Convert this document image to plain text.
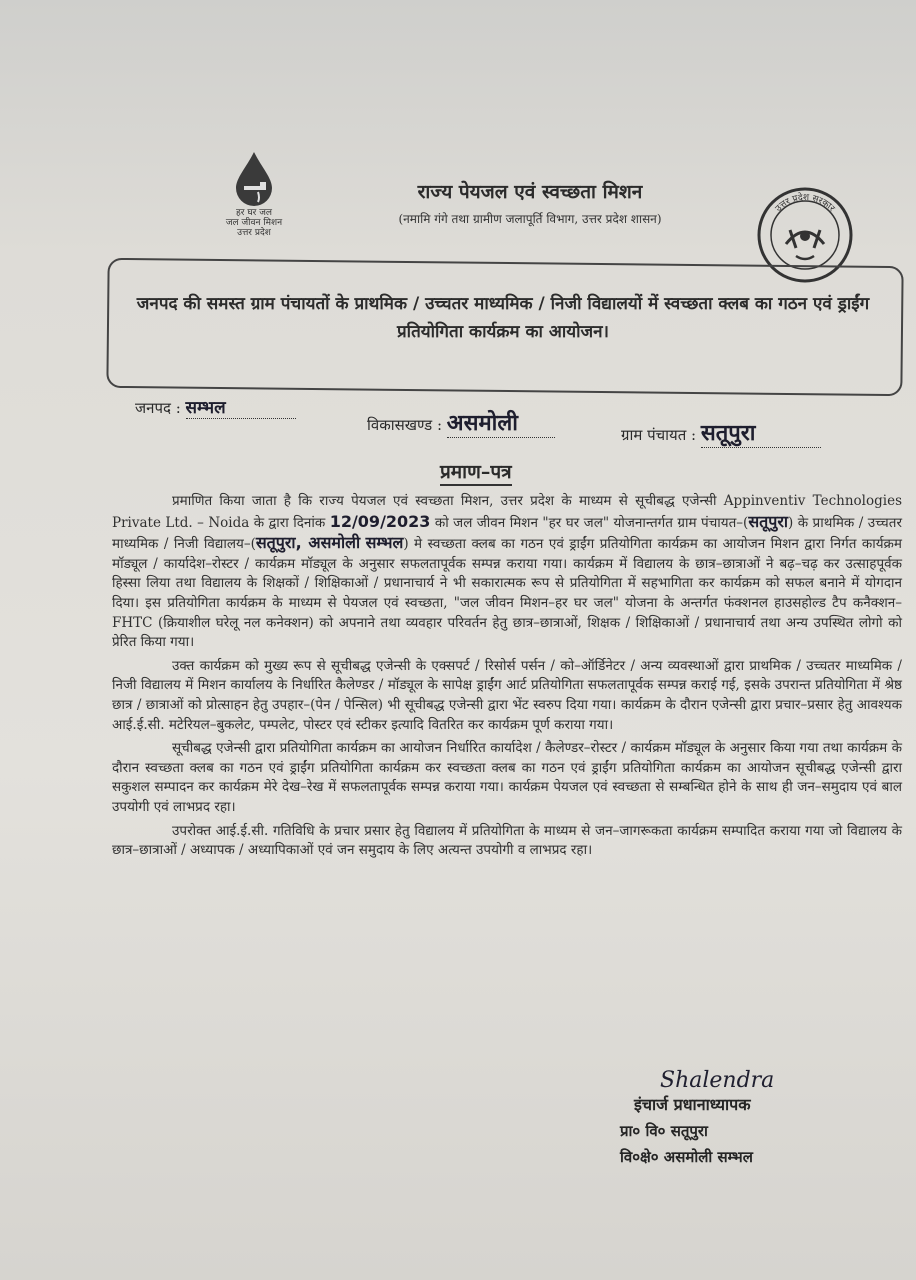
हर घर जल
जल जीवन मिशन
उत्तर प्रदेश
राज्य पेयजल एवं स्वच्छता मिशन
(नमामि गंगे तथा ग्रामीण जलापूर्ति विभाग, उत्तर प्रदेश शासन)
उत्तर प्रदेश सरकार
जनपद की समस्त ग्राम पंचायतों के प्राथमिक / उच्चतर माध्यमिक / निजी विद्यालयों में स्वच्छता क्लब का गठन एवं ड्राईंग प्रतियोगिता कार्यक्रम का आयोजन।
जनपद : सम्भल
विकासखण्ड : असमोली	ग्राम पंचायत : सतूपुरा
प्रमाण–पत्र

प्रमाणित किया जाता है कि राज्य पेयजल एवं स्वच्छता मिशन, उत्तर प्रदेश के माध्यम से सूचीबद्ध एजेन्सी Appinventiv Technologies Private Ltd. – Noida के द्वारा दिनांक 12/09/2023 को जल जीवन मिशन "हर घर जल" योजनान्तर्गत ग्राम पंचायत–(सतूपुरा) के प्राथमिक / उच्चतर माध्यमिक / निजी विद्यालय–(सतूपुरा, असमोली सम्भल) मे स्वच्छता क्लब का गठन एवं ड्राईंग प्रतियोगिता कार्यक्रम का आयोजन मिशन द्वारा निर्गत कार्यक्रम मॉड्यूल / कार्यादेश–रोस्टर / कार्यक्रम मॉड्यूल के अनुसार सफलतापूर्वक सम्पन्न कराया गया। कार्यक्रम में विद्यालय के छात्र–छात्राओं ने बढ़–चढ़ कर उत्साहपूर्वक हिस्सा लिया तथा विद्यालय के शिक्षकों / शिक्षिकाओं / प्रधानाचार्य ने भी सकारात्मक रूप से प्रतियोगिता में सहभागिता कर कार्यक्रम को सफल बनाने में योगदान दिया। इस प्रतियोगिता कार्यक्रम के माध्यम से पेयजल एवं स्वच्छता, "जल जीवन मिशन–हर घर जल" योजना के अन्तर्गत फंक्शनल हाउसहोल्ड टैप कनैक्शन–FHTC (क्रियाशील घरेलू नल कनेक्शन) को अपनाने तथा व्यवहार परिवर्तन हेतु छात्र–छात्राओं, शिक्षक / शिक्षिकाओं / प्रधानाचार्य तथा अन्य उपस्थित लोगो को प्रेरित किया गया।

उक्त कार्यक्रम को मुख्य रूप से सूचीबद्ध एजेन्सी के एक्सपर्ट / रिसोर्स पर्सन / को–ऑर्डिनेटर / अन्य व्यवस्थाओं द्वारा प्राथमिक / उच्चतर माध्यमिक / निजी विद्यालय में मिशन कार्यालय के निर्धारित कैलेण्डर / मॉड्यूल के सापेक्ष ड्राईंग आर्ट प्रतियोगिता सफलतापूर्वक सम्पन्न कराई गई, इसके उपरान्त प्रतियोगिता में श्रेष्ठ छात्र / छात्राओं को प्रोत्साहन हेतु उपहार–(पेन / पेन्सिल) भी सूचीबद्ध एजेन्सी द्वारा भेंट स्वरुप दिया गया। कार्यक्रम के दौरान एजेन्सी द्वारा प्रचार–प्रसार हेतु आवश्यक आई.ई.सी. मटेरियल–बुकलेट, पम्पलेट, पोस्टर एवं स्टीकर इत्यादि वितरित कर कार्यक्रम पूर्ण कराया गया।

सूचीबद्ध एजेन्सी द्वारा प्रतियोगिता कार्यक्रम का आयोजन निर्धारित कार्यादेश / कैलेण्डर–रोस्टर / कार्यक्रम मॉड्यूल के अनुसार किया गया तथा कार्यक्रम के दौरान स्वच्छता क्लब का गठन एवं ड्राईंग प्रतियोगिता कार्यक्रम कर स्वच्छता क्लब का गठन एवं ड्राईंग प्रतियोगिता कार्यक्रम का आयोजन सूचीबद्ध एजेन्सी द्वारा सकुशल सम्पादन कर कार्यक्रम मेरे देख–रेख में सफलतापूर्वक सम्पन्न कराया गया। कार्यक्रम पेयजल एवं स्वच्छता से सम्बन्धित होने के साथ ही जन–समुदाय एवं बाल उपयोगी एवं लाभप्रद रहा।

उपरोक्त आई.ई.सी. गतिविधि के प्रचार प्रसार हेतु विद्यालय में प्रतियोगिता के माध्यम से जन–जागरूकता कार्यक्रम सम्पादित कराया गया जो विद्यालय के छात्र–छात्राओं / अध्यापक / अध्यापिकाओं एवं जन समुदाय के लिए अत्यन्त उपयोगी व लाभप्रद रहा।

Shalendra
इंचार्ज प्रधानाध्यापक
प्रा० वि० सतूपुरा
वि०क्षे० असमोली सम्भल
